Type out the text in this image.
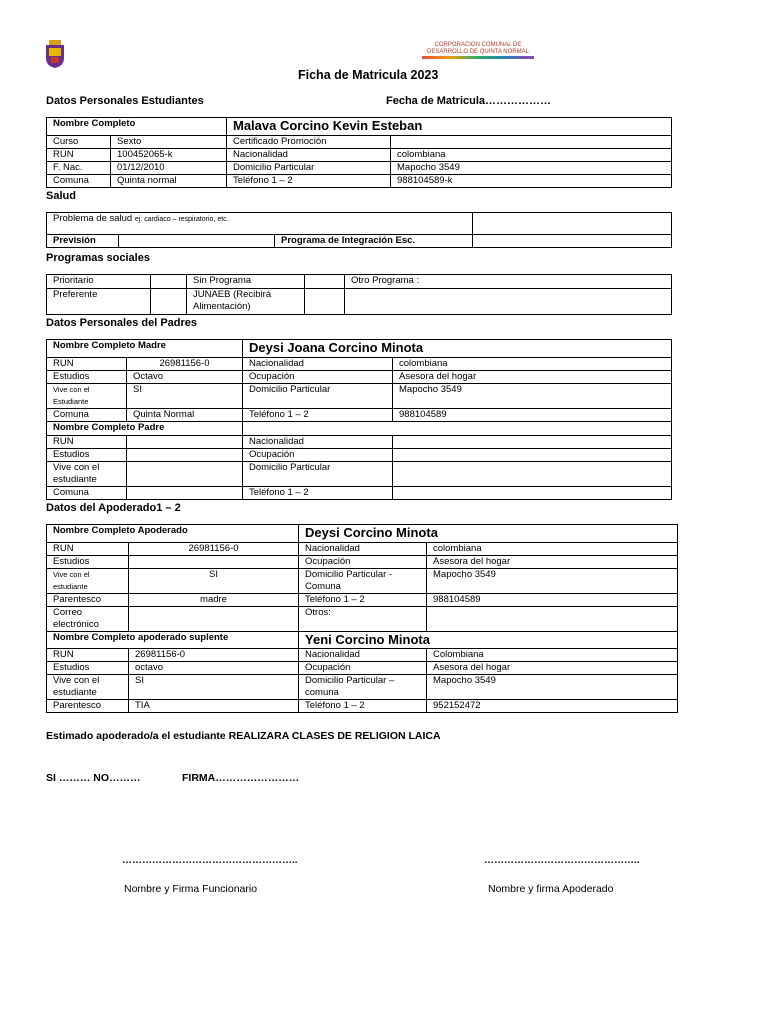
CORPORACION COMUNAL DE
DESARROLLO DE QUINTA NORMAL
Ficha de Matricula 2023
Datos Personales Estudiantes	Fecha de Matricula………………
Nombre Completo		Malava Corcino Kevin Esteban	
Curso	Sexto	Certificado Promoción	
RUN	100452065-k	Nacionalidad	colombiana
F. Nac.	01/12/2010	Domicilio Particular	Mapocho 3549
Comuna	Quinta normal	Teléfono 1 – 2	988104589-k
Salud
Problema de salud ej: cardiaco – respiratorio, etc.			
Previsión		Programa de Integración Esc.	
Programas sociales
Prioritario		Sin Programa		Otro Programa :
Preferente		JUNAEB (Recibirá Alimentación)		
Datos Personales del Padres
Nombre Completo Madre		Deysi Joana Corcino Minota	
RUN	26981156-0	Nacionalidad	colombiana
Estudios	Octavo	Ocupación	Asesora del hogar
Vive con el Estudiante	SI	Domicilio Particular	Mapocho 3549
Comuna	Quinta Normal	Teléfono 1 – 2	988104589
Nombre Completo Padre			
RUN		Nacionalidad	
Estudios		Ocupación	
Vive con el estudiante		Domicilio Particular	
Comuna		Teléfono 1 – 2	
Datos del Apoderado1 – 2
Nombre Completo Apoderado		Deysi Corcino Minota	
RUN	26981156-0	Nacionalidad	colombiana
Estudios		Ocupación	Asesora del hogar
Vive con el estudiante	SI	Domicilio Particular - Comuna	Mapocho 3549
Parentesco	madre	Teléfono 1 – 2	988104589
Correo electrónico		Otros:	
Nombre Completo apoderado suplente		Yeni Corcino Minota	
RUN	26981156-0	Nacionalidad	Colombiana
Estudios	octavo	Ocupación	Asesora del hogar
Vive con el estudiante	SI	Domicilio Particular – comuna	Mapocho 3549
Parentesco	TIA	Teléfono 1 – 2	952152472
Estimado apoderado/a el estudiante REALIZARA CLASES DE RELIGION LAICA
SI ……… NO………	FIRMA……………………
……………………………………………..	………………………………………..
Nombre y Firma Funcionario	Nombre y firma Apoderado
